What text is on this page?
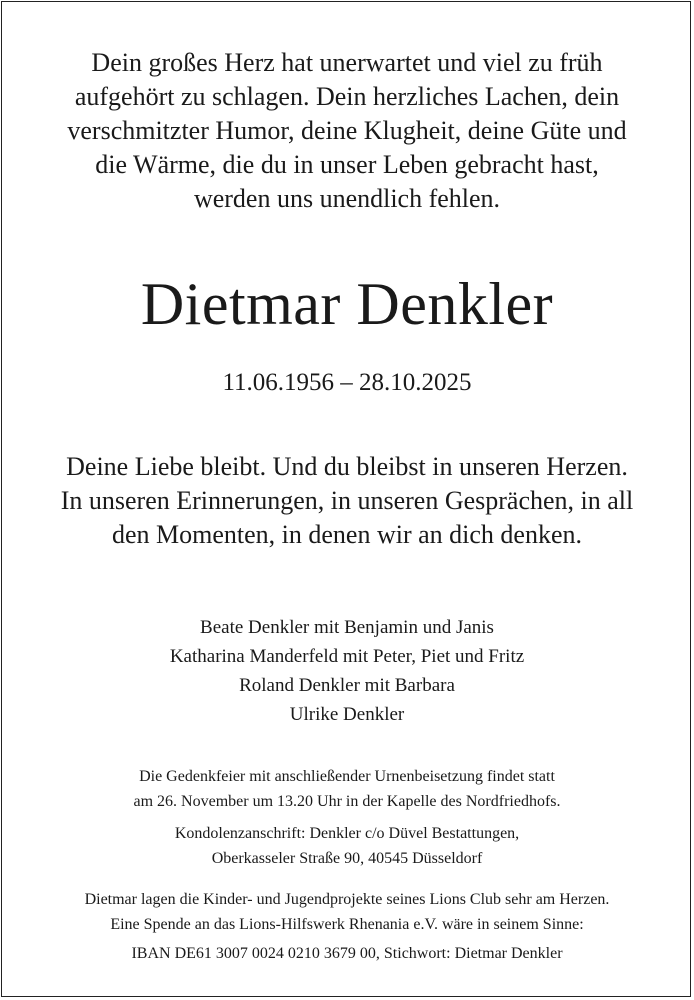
Dein großes Herz hat unerwartet und viel zu früh
aufgehört zu schlagen. Dein herzliches Lachen, dein
verschmitzter Humor, deine Klugheit, deine Güte und
die Wärme, die du in unser Leben gebracht hast,
werden uns unendlich fehlen.
Dietmar Denkler
11.06.1956 – 28.10.2025
Deine Liebe bleibt. Und du bleibst in unseren Herzen.
In unseren Erinnerungen, in unseren Gesprächen, in all
den Momenten, in denen wir an dich denken.
Beate Denkler mit Benjamin und Janis
Katharina Manderfeld mit Peter, Piet und Fritz
Roland Denkler mit Barbara
Ulrike Denkler
Die Gedenkfeier mit anschließender Urnenbeisetzung findet statt
am 26. November um 13.20 Uhr in der Kapelle des Nordfriedhofs.
Kondolenzanschrift: Denkler c/o Düvel Bestattungen,
Oberkasseler Straße 90, 40545 Düsseldorf
Dietmar lagen die Kinder- und Jugendprojekte seines Lions Club sehr am Herzen.
Eine Spende an das Lions-Hilfswerk Rhenania e.V. wäre in seinem Sinne:
IBAN DE61 3007 0024 0210 3679 00, Stichwort: Dietmar Denkler
